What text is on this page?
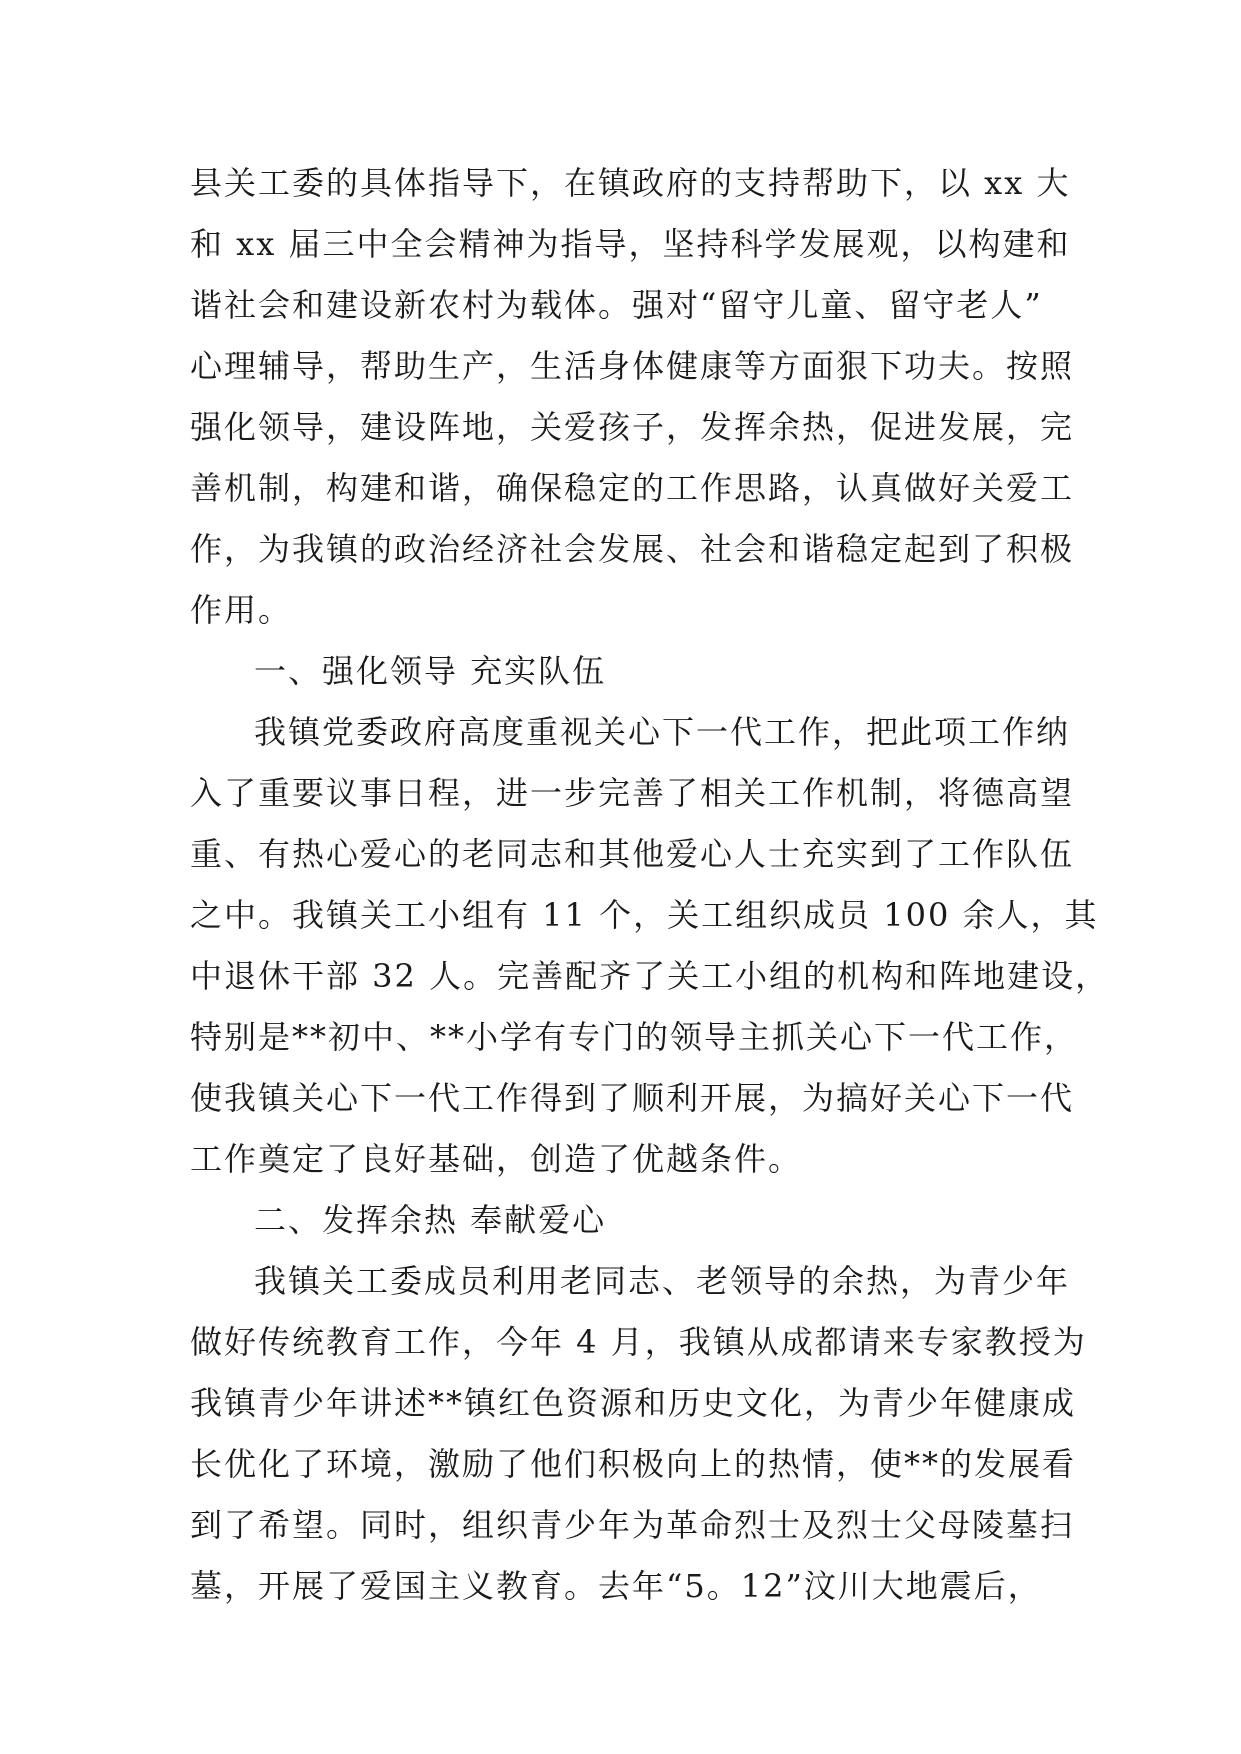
县关工委的具体指导下，在镇政府的支持帮助下，以 xx 大
和 xx 届三中全会精神为指导，坚持科学发展观，以构建和
谐社会和建设新农村为载体。强对“留守儿童、留守老人”
心理辅导，帮助生产，生活身体健康等方面狠下功夫。按照
强化领导，建设阵地，关爱孩子，发挥余热，促进发展，完
善机制，构建和谐，确保稳定的工作思路，认真做好关爱工
作，为我镇的政治经济社会发展、社会和谐稳定起到了积极
作用。
一、强化领导 充实队伍
我镇党委政府高度重视关心下一代工作，把此项工作纳
入了重要议事日程，进一步完善了相关工作机制，将德高望
重、有热心爱心的老同志和其他爱心人士充实到了工作队伍
之中。我镇关工小组有 11 个，关工组织成员 100 余人，其
中退休干部 32 人。完善配齐了关工小组的机构和阵地建设，
特别是**初中、**小学有专门的领导主抓关心下一代工作，
使我镇关心下一代工作得到了顺利开展，为搞好关心下一代
工作奠定了良好基础，创造了优越条件。
二、发挥余热 奉献爱心
我镇关工委成员利用老同志、老领导的余热，为青少年
做好传统教育工作，今年 4 月，我镇从成都请来专家教授为
我镇青少年讲述**镇红色资源和历史文化，为青少年健康成
长优化了环境，激励了他们积极向上的热情，使**的发展看
到了希望。同时，组织青少年为革命烈士及烈士父母陵墓扫
墓，开展了爱国主义教育。去年“5。12”汶川大地震后，
